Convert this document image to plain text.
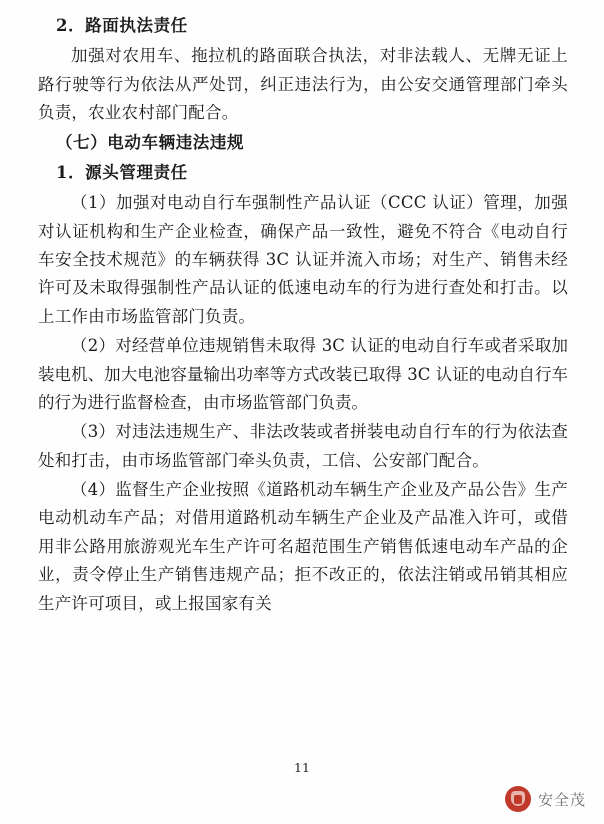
2．路面执法责任

加强对农用车、拖拉机的路面联合执法，对非法载人、无牌无证上路行驶等行为依法从严处罚，纠正违法行为，由公安交通管理部门牵头负责，农业农村部门配合。

（七）电动车辆违法违规

1．源头管理责任

（1）加强对电动自行车强制性产品认证（CCC 认证）管理，加强对认证机构和生产企业检查，确保产品一致性，避免不符合《电动自行车安全技术规范》的车辆获得 3C 认证并流入市场；对生产、销售未经许可及未取得强制性产品认证的低速电动车的行为进行查处和打击。以上工作由市场监管部门负责。

（2）对经营单位违规销售未取得 3C 认证的电动自行车或者采取加装电机、加大电池容量输出功率等方式改装已取得 3C 认证的电动自行车的行为进行监督检查，由市场监管部门负责。

（3）对违法违规生产、非法改装或者拼装电动自行车的行为依法查处和打击，由市场监管部门牵头负责，工信、公安部门配合。

（4）监督生产企业按照《道路机动车辆生产企业及产品公告》生产电动机动车产品；对借用道路机动车辆生产企业及产品准入许可，或借用非公路用旅游观光车生产许可名超范围生产销售低速电动车产品的企业，责令停止生产销售违规产品；拒不改正的，依法注销或吊销其相应生产许可项目，或上报国家有关

11
安全茂
